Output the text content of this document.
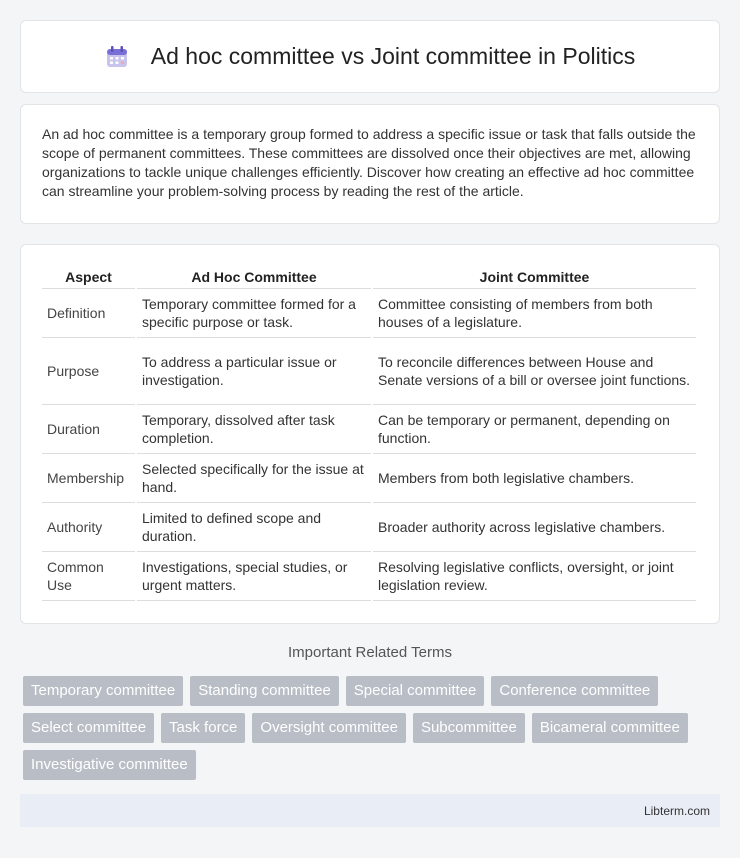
Ad hoc committee vs Joint committee in Politics

An ad hoc committee is a temporary group formed to address a specific issue or task that falls outside the scope of permanent committees. These committees are dissolved once their objectives are met, allowing organizations to tackle unique challenges efficiently. Discover how creating an effective ad hoc committee can streamline your problem-solving process by reading the rest of the article.

Aspect	Ad Hoc Committee	Joint Committee
Definition	Temporary committee formed for a specific purpose or task.	Committee consisting of members from both houses of a legislature.
Purpose	To address a particular issue or investigation.	To reconcile differences between House and Senate versions of a bill or oversee joint functions.
Duration	Temporary, dissolved after task completion.	Can be temporary or permanent, depending on function.
Membership	Selected specifically for the issue at hand.	Members from both legislative chambers.
Authority	Limited to defined scope and duration.	Broader authority across legislative chambers.
Common Use	Investigations, special studies, or urgent matters.	Resolving legislative conflicts, oversight, or joint legislation review.
Important Related Terms
Temporary committee	Standing committee	Special committee	Conference committee
Select committee	Task force	Oversight committee	Subcommittee	Bicameral committee
Investigative committee
Libterm.com
